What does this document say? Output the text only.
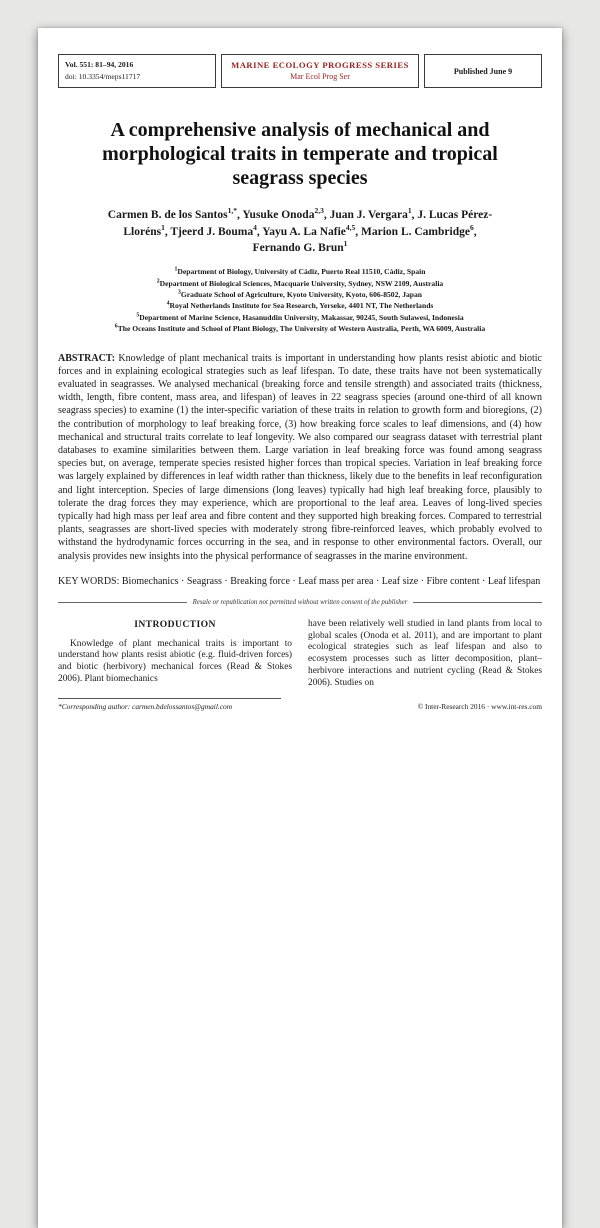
Vol. 551: 81–94, 2016
doi: 10.3354/meps11717
MARINE ECOLOGY PROGRESS SERIES
Mar Ecol Prog Ser
Published June 9
A comprehensive analysis of mechanical and morphological traits in temperate and tropical seagrass species
Carmen B. de los Santos$^{1,*}$, Yusuke Onoda$^{2,3}$, Juan J. Vergara$^1$, J. Lucas Pérez-Lloréns$^1$, Tjeerd J. Bouma$^4$, Yayu A. La Nafie$^{4,5}$, Marion L. Cambridge$^6$, Fernando G. Brun$^1$
$^1$Department of Biology, University of Cádiz, Puerto Real 11510, Cádiz, Spain
$^2$Department of Biological Sciences, Macquarie University, Sydney, NSW 2109, Australia
$^3$Graduate School of Agriculture, Kyoto University, Kyoto, 606-8502, Japan
$^4$Royal Netherlands Institute for Sea Research, Yerseke, 4401 NT, The Netherlands
$^5$Department of Marine Science, Hasanuddin University, Makassar, 90245, South Sulawesi, Indonesia
$^6$The Oceans Institute and School of Plant Biology, The University of Western Australia, Perth, WA 6009, Australia

ABSTRACT: Knowledge of plant mechanical traits is important in understanding how plants resist abiotic and biotic forces and in explaining ecological strategies such as leaf lifespan. To date, these traits have not been systematically evaluated in seagrasses. We analysed mechanical (breaking force and tensile strength) and associated traits (thickness, width, length, fibre content, mass area, and lifespan) of leaves in 22 seagrass species (around one-third of all known seagrass species) to examine (1) the inter-specific variation of these traits in relation to growth form and bioregions, (2) the contribution of morphology to leaf breaking force, (3) how breaking force scales to leaf dimensions, and (4) how mechanical and structural traits correlate to leaf longevity. We also compared our seagrass dataset with terrestrial plant databases to examine similarities between them. Large variation in leaf breaking force was found among seagrass species but, on average, temperate species resisted higher forces than tropical species. Variation in leaf breaking force was largely explained by differences in leaf width rather than thickness, likely due to the benefits in leaf reconfiguration and light interception. Species of large dimensions (long leaves) typically had high leaf breaking force, plausibly to tolerate the drag forces they may experience, which are proportional to the leaf area. Leaves of long-lived species typically had high mass per leaf area and fibre content and they supported high breaking forces. Compared to terrestrial plants, seagrasses are short-lived species with moderately strong fibre-reinforced leaves, which probably evolved to withstand the hydrodynamic forces occurring in the sea, and in response to other environmental factors. Overall, our analysis provides new insights into the physical performance of seagrasses in the marine environment.

KEY WORDS: Biomechanics · Seagrass · Breaking force · Leaf mass per area · Leaf size · Fibre content · Leaf lifespan

Resale or republication not permitted without written consent of the publisher
INTRODUCTION

Knowledge of plant mechanical traits is important to understand how plants resist abiotic (e.g. fluid-driven forces) and biotic (herbivory) mechanical forces (Read & Stokes 2006). Plant biomechanics

have been relatively well studied in land plants from local to global scales (Onoda et al. 2011), and are important to plant ecological strategies such as leaf lifespan and also to ecosystem processes such as litter decomposition, plant–herbivore interactions and nutrient cycling (Read & Stokes 2006). Studies on

*Corresponding author: carmen.bdelossantos@gmail.com	© Inter-Research 2016 · www.int-res.com
